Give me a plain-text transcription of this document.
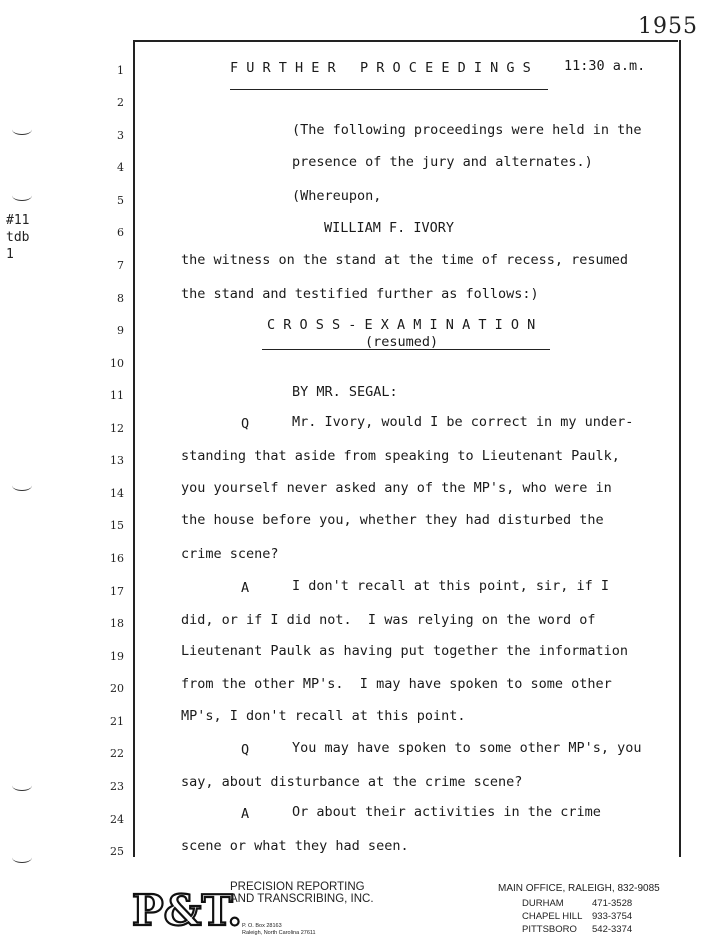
1955
#11
tdb
1
1
2
3
4
5
6
7
8
9
10
11
12
13
14
15
16
17
18
19
20
21
22
23
24
25
F U R T H E R   P R O C E E D I N G S 11:30 a.m.
(The following proceedings were held in the
presence of the jury and alternates.)
(Whereupon,
WILLIAM F. IVORY
the witness on the stand at the time of recess, resumed
the stand and testified further as follows:)
C R O S S - E X A M I N A T I O N
(resumed)
BY MR. SEGAL:
Q	Mr. Ivory, would I be correct in my under-
standing that aside from speaking to Lieutenant Paulk,
you yourself never asked any of the MP's, who were in
the house before you, whether they had disturbed the
crime scene?
A	I don't recall at this point, sir, if I
did, or if I did not.  I was relying on the word of
Lieutenant Paulk as having put together the information
from the other MP's.  I may have spoken to some other
MP's, I don't recall at this point.
Q	You may have spoken to some other MP's, you
say, about disturbance at the crime scene?
A	Or about their activities in the crime
scene or what they had seen.
P&T.
PRECISION REPORTING
AND TRANSCRIBING, INC.
P. O. Box 28163
Raleigh, North Carolina 27611
MAIN OFFICE, RALEIGH, 832-9085
DURHAM	471-3528
CHAPEL HILL 933-3754
PITTSBORO 542-3374
